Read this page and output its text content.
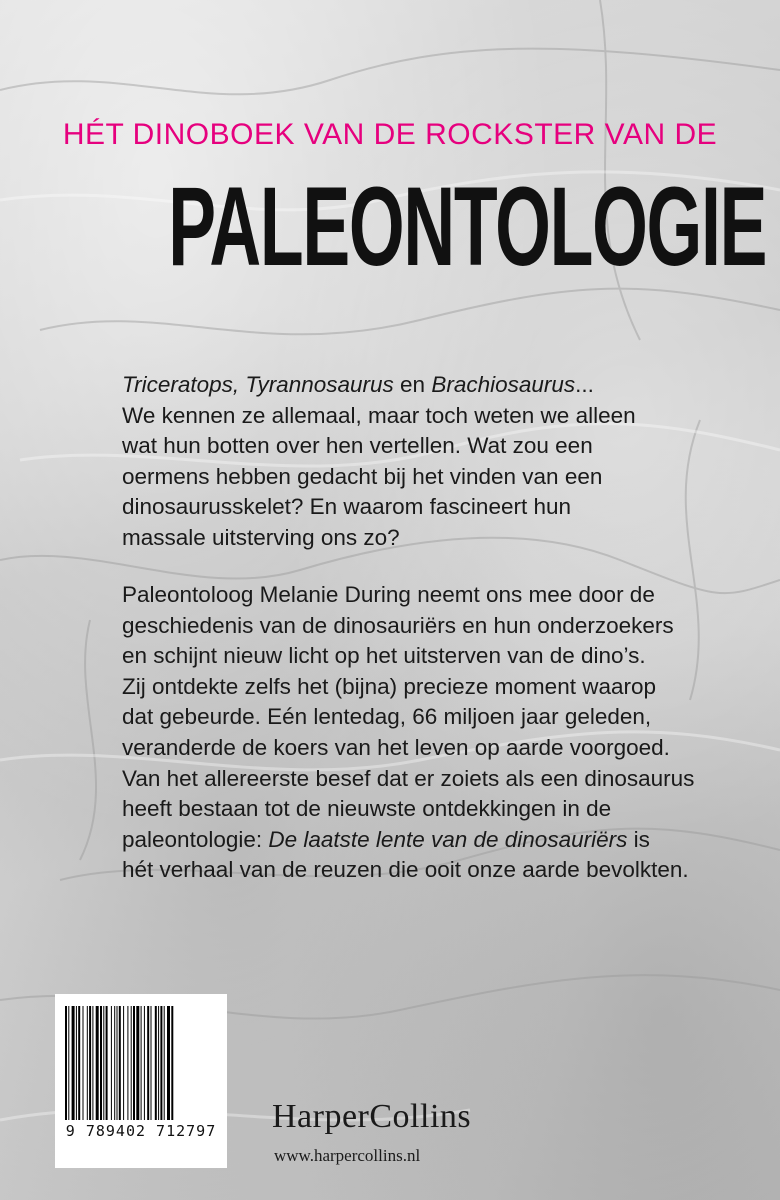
HÉT DINOBOEK VAN DE ROCKSTER VAN DE
PALEONTOLOGIE
Triceratops, Tyrannosaurus en Brachiosaurus...
We kennen ze allemaal, maar toch weten we alleen
wat hun botten over hen vertellen. Wat zou een
oermens hebben gedacht bij het vinden van een
dinosaurusskelet? En waarom fascineert hun
massale uitsterving ons zo?
Paleontoloog Melanie During neemt ons mee door de
geschiedenis van de dinosauriërs en hun onderzoekers
en schijnt nieuw licht op het uitsterven van de dino’s.
Zij ontdekte zelfs het (bijna) precieze moment waarop
dat gebeurde. Eén lentedag, 66 miljoen jaar geleden,
veranderde de koers van het leven op aarde voorgoed.
Van het allereerste besef dat er zoiets als een dinosaurus
heeft bestaan tot de nieuwste ontdekkingen in de
paleontologie: De laatste lente van de dinosauriërs is
hét verhaal van de reuzen die ooit onze aarde bevolkten.
9 789402 712797 HarperCollins
www.harpercollins.nl
